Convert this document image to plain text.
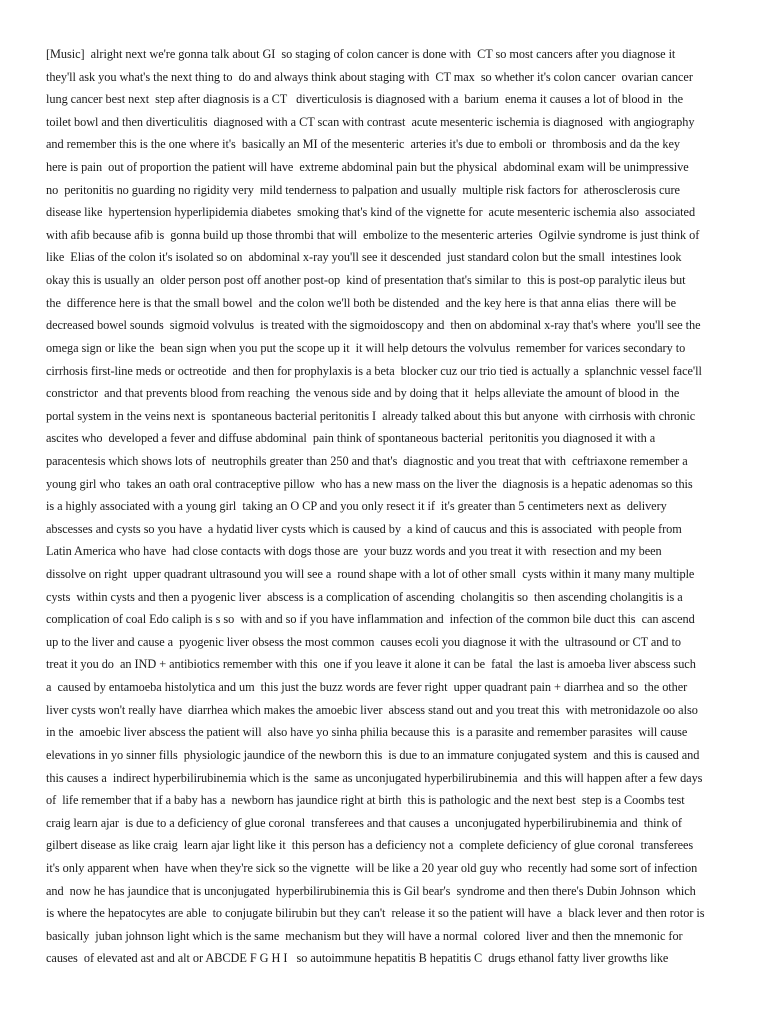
[Music]  alright next we're gonna talk about GI  so staging of colon cancer is done with  CT so most cancers after you diagnose it
they'll ask you what's the next thing to  do and always think about staging with  CT max  so whether it's colon cancer  ovarian cancer
lung cancer best next  step after diagnosis is a CT   diverticulosis is diagnosed with a  barium  enema it causes a lot of blood in  the
toilet bowl and then diverticulitis  diagnosed with a CT scan with contrast  acute mesenteric ischemia is diagnosed  with angiography
and remember this is the one where it's  basically an MI of the mesenteric  arteries it's due to emboli or  thrombosis and da the key
here is pain  out of proportion the patient will have  extreme abdominal pain but the physical  abdominal exam will be unimpressive
no  peritonitis no guarding no rigidity very  mild tenderness to palpation and usually  multiple risk factors for  atherosclerosis cure
disease like  hypertension hyperlipidemia diabetes  smoking that's kind of the vignette for  acute mesenteric ischemia also  associated
with afib because afib is  gonna build up those thrombi that will  embolize to the mesenteric arteries  Ogilvie syndrome is just think of
like  Elias of the colon it's isolated so on  abdominal x-ray you'll see it descended  just standard colon but the small  intestines look
okay this is usually an  older person post off another post-op  kind of presentation that's similar to  this is post-op paralytic ileus but
the  difference here is that the small bowel  and the colon we'll both be distended  and the key here is that anna elias  there will be
decreased bowel sounds  sigmoid volvulus  is treated with the sigmoidoscopy and  then on abdominal x-ray that's where  you'll see the
omega sign or like the  bean sign when you put the scope up it  it will help detours the volvulus  remember for varices secondary to
cirrhosis first-line meds or octreotide  and then for prophylaxis is a beta  blocker cuz our trio tied is actually a  splanchnic vessel face'll
constrictor  and that prevents blood from reaching  the venous side and by doing that it  helps alleviate the amount of blood in  the
portal system in the veins next is  spontaneous bacterial peritonitis I  already talked about this but anyone  with cirrhosis with chronic
ascites who  developed a fever and diffuse abdominal  pain think of spontaneous bacterial  peritonitis you diagnosed it with a
paracentesis which shows lots of  neutrophils greater than 250 and that's  diagnostic and you treat that with  ceftriaxone remember a
young girl who  takes an oath oral contraceptive pillow  who has a new mass on the liver the  diagnosis is a hepatic adenomas so this
is a highly associated with a young girl  taking an O CP and you only resect it if  it's greater than 5 centimeters next as  delivery
abscesses and cysts so you have  a hydatid liver cysts which is caused by  a kind of caucus and this is associated  with people from
Latin America who have  had close contacts with dogs those are  your buzz words and you treat it with  resection and my been
dissolve on right  upper quadrant ultrasound you will see a  round shape with a lot of other small  cysts within it many many multiple
cysts  within cysts and then a pyogenic liver  abscess is a complication of ascending  cholangitis so  then ascending cholangitis is a
complication of coal Edo caliph is s so  with and so if you have inflammation and  infection of the common bile duct this  can ascend
up to the liver and cause a  pyogenic liver obsess the most common  causes ecoli you diagnose it with the  ultrasound or CT and to
treat it you do  an IND + antibiotics remember with this  one if you leave it alone it can be  fatal  the last is amoeba liver abscess such
a  caused by entamoeba histolytica and um  this just the buzz words are fever right  upper quadrant pain + diarrhea and so  the other
liver cysts won't really have  diarrhea which makes the amoebic liver  abscess stand out and you treat this  with metronidazole oo also
in the  amoebic liver abscess the patient will  also have yo sinha philia because this  is a parasite and remember parasites  will cause
elevations in yo sinner fills  physiologic jaundice of the newborn this  is due to an immature conjugated system  and this is caused and
this causes a  indirect hyperbilirubinemia which is the  same as unconjugated hyperbilirubinemia  and this will happen after a few days
of  life remember that if a baby has a  newborn has jaundice right at birth  this is pathologic and the next best  step is a Coombs test
craig learn ajar  is due to a deficiency of glue coronal  transferees and that causes a  unconjugated hyperbilirubinemia and  think of
gilbert disease as like craig  learn ajar light like it  this person has a deficiency not a  complete deficiency of glue coronal  transferees
it's only apparent when  have when they're sick so the vignette  will be like a 20 year old guy who  recently had some sort of infection
and  now he has jaundice that is unconjugated  hyperbilirubinemia this is Gil bear's  syndrome and then there's Dubin Johnson  which
is where the hepatocytes are able  to conjugate bilirubin but they can't  release it so the patient will have  a  black lever and then rotor is
basically  juban johnson light which is the same  mechanism but they will have a normal  colored  liver and then the mnemonic for
causes  of elevated ast and alt or ABCDE F G H I   so autoimmune hepatitis B hepatitis C  drugs ethanol fatty liver growths like
